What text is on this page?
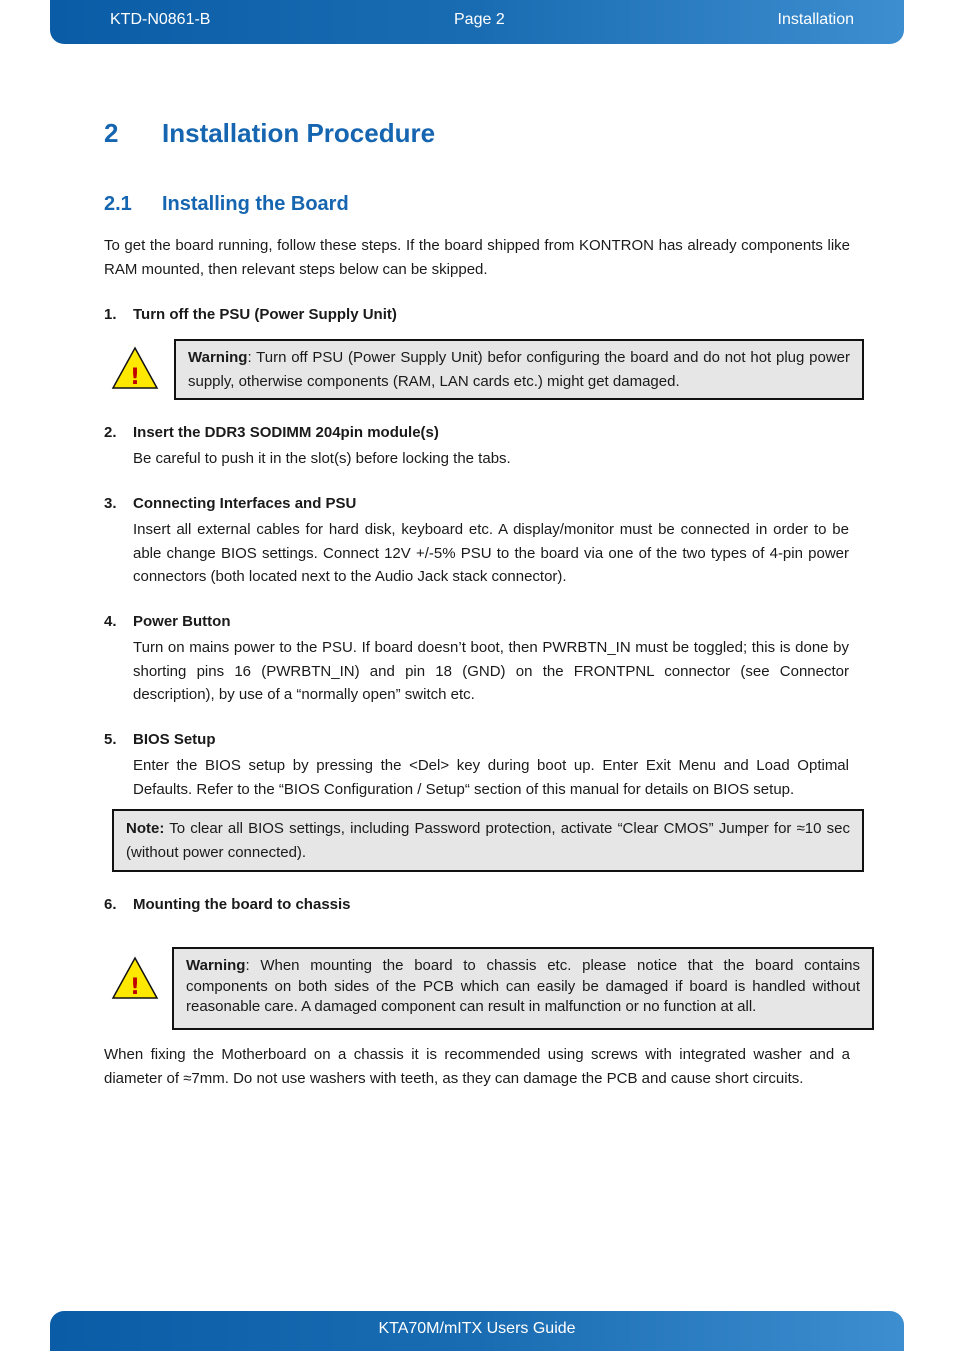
KTD-N0861-B	Page 2	Installation
2 Installation Procedure
2.1 Installing the Board
To get the board running, follow these steps. If the board shipped from KONTRON has already components like RAM mounted, then relevant steps below can be skipped.
1. Turn off the PSU (Power Supply Unit)
!
Warning: Turn off PSU (Power Supply Unit) befor configuring the board and do not hot plug power supply, otherwise components (RAM, LAN cards etc.) might get damaged.
2. Insert the DDR3 SODIMM 204pin module(s)
Be careful to push it in the slot(s) before locking the tabs.
3. Connecting Interfaces and PSU
Insert all external cables for hard disk, keyboard etc. A display/monitor must be connected in order to be able change BIOS settings. Connect 12V +/-5% PSU to the board via one of the two types of 4-pin power connectors (both located next to the Audio Jack stack connector).
4. Power Button
Turn on mains power to the PSU. If board doesn’t boot, then PWRBTN_IN must be toggled; this is done by shorting pins 16 (PWRBTN_IN) and pin 18 (GND) on the FRONTPNL connector (see Connector description), by use of a “normally open” switch etc.
5. BIOS Setup
Enter the BIOS setup by pressing the <Del> key during boot up. Enter Exit Menu and Load Optimal Defaults. Refer to the “BIOS Configuration / Setup“ section of this manual for details on BIOS setup.
Note: To clear all BIOS settings, including Password protection, activate “Clear CMOS” Jumper for ≈10 sec (without power connected).
6. Mounting the board to chassis
!
Warning: When mounting the board to chassis etc. please notice that the board contains components on both sides of the PCB which can easily be damaged if board is handled without reasonable care. A damaged component can result in malfunction or no function at all.
When fixing the Motherboard on a chassis it is recommended using screws with integrated washer and a diameter of ≈7mm. Do not use washers with teeth, as they can damage the PCB and cause short circuits.
KTA70M/mITX Users Guide
